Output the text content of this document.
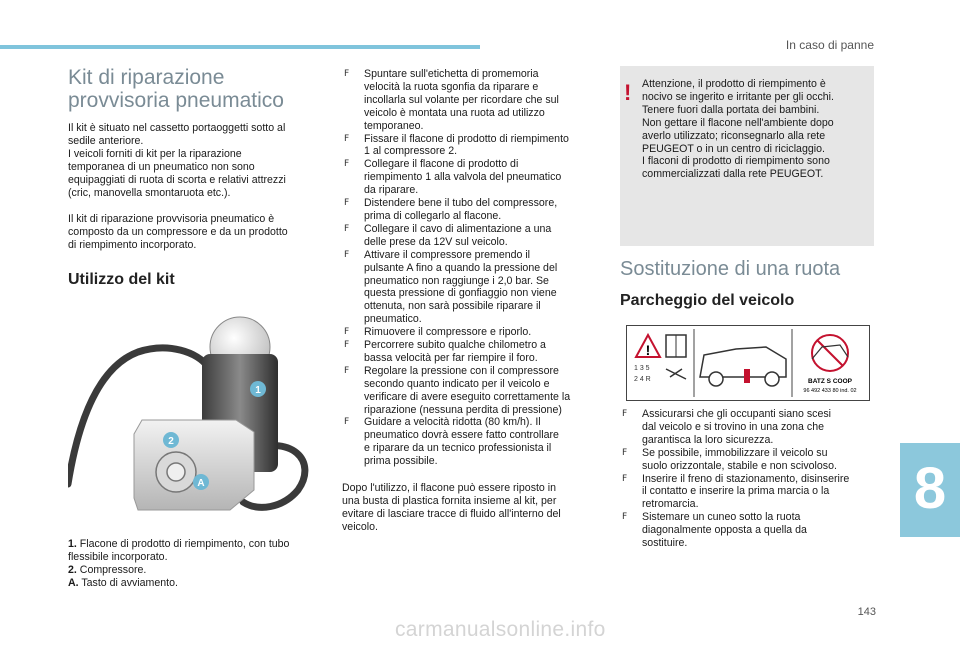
In caso di panne
Kit di riparazione
provvisoria pneumatico

Il kit è situato nel cassetto portaoggetti sotto al

sedile anteriore.

I veicoli forniti di kit per la riparazione

temporanea di un pneumatico non sono

equipaggiati di ruota di scorta e relativi attrezzi

(cric, manovella smontaruota etc.).

Il kit di riparazione provvisoria pneumatico è

composto da un compressore e da un prodotto

di riempimento incorporato.

Utilizzo del kit
1
2
A

1. Flacone di prodotto di riempimento, con tubo

flessibile incorporato.

2. Compressore.

A. Tasto di avviamento.

F Spuntare sull'etichetta di promemoria
velocità la ruota sgonfia da riparare e
incollarla sul volante per ricordare che sul
veicolo è montata una ruota ad utilizzo
temporaneo.
F Fissare il flacone di prodotto di riempimento
1 al compressore 2.
F Collegare il flacone di prodotto di
riempimento 1 alla valvola del pneumatico
da riparare.
F Distendere bene il tubo del compressore,
prima di collegarlo al flacone.
F Collegare il cavo di alimentazione a una
delle prese da 12V sul veicolo.
F Attivare il compressore premendo il
pulsante A fino a quando la pressione del
pneumatico non raggiunge i 2,0 bar. Se
questa pressione di gonfiaggio non viene
ottenuta, non sarà possibile riparare il
pneumatico.
F Rimuovere il compressore e riporlo.
F Percorrere subito qualche chilometro a
bassa velocità per far riempire il foro.
F Regolare la pressione con il compressore
secondo quanto indicato per il veicolo e
verificare di avere eseguito correttamente la
riparazione (nessuna perdita di pressione)
F Guidare a velocità ridotta (80 km/h). Il
pneumatico dovrà essere fatto controllare
e riparare da un tecnico professionista il
prima possibile.

Dopo l'utilizzo, il flacone può essere riposto in

una busta di plastica fornita insieme al kit, per

evitare di lasciare tracce di fluido all'interno del

veicolo.

! Attenzione, il prodotto di riempimento è

nocivo se ingerito e irritante per gli occhi.

Tenere fuori dalla portata dei bambini.

Non gettare il flacone nell'ambiente dopo

averlo utilizzato; riconsegnarlo alla rete

PEUGEOT o in un centro di riciclaggio.

I flaconi di prodotto di riempimento sono

commercializzati dalla rete PEUGEOT.

Sostituzione di una ruota
Parcheggio del veicolo
!
1 3 5
2 4 R	BATZ S COOP
96 492 433 80 ind. 02
F Assicurarsi che gli occupanti siano scesi
dal veicolo e si trovino in una zona che
garantisca la loro sicurezza.
F Se possibile, immobilizzare il veicolo su
suolo orizzontale, stabile e non scivoloso.
F Inserire il freno di stazionamento, disinserire
il contatto e inserire la prima marcia o la
retromarcia.
F Sistemare un cuneo sotto la ruota
diagonalmente opposta a quella da
sostituire.
8
143
carmanualsonline.info
